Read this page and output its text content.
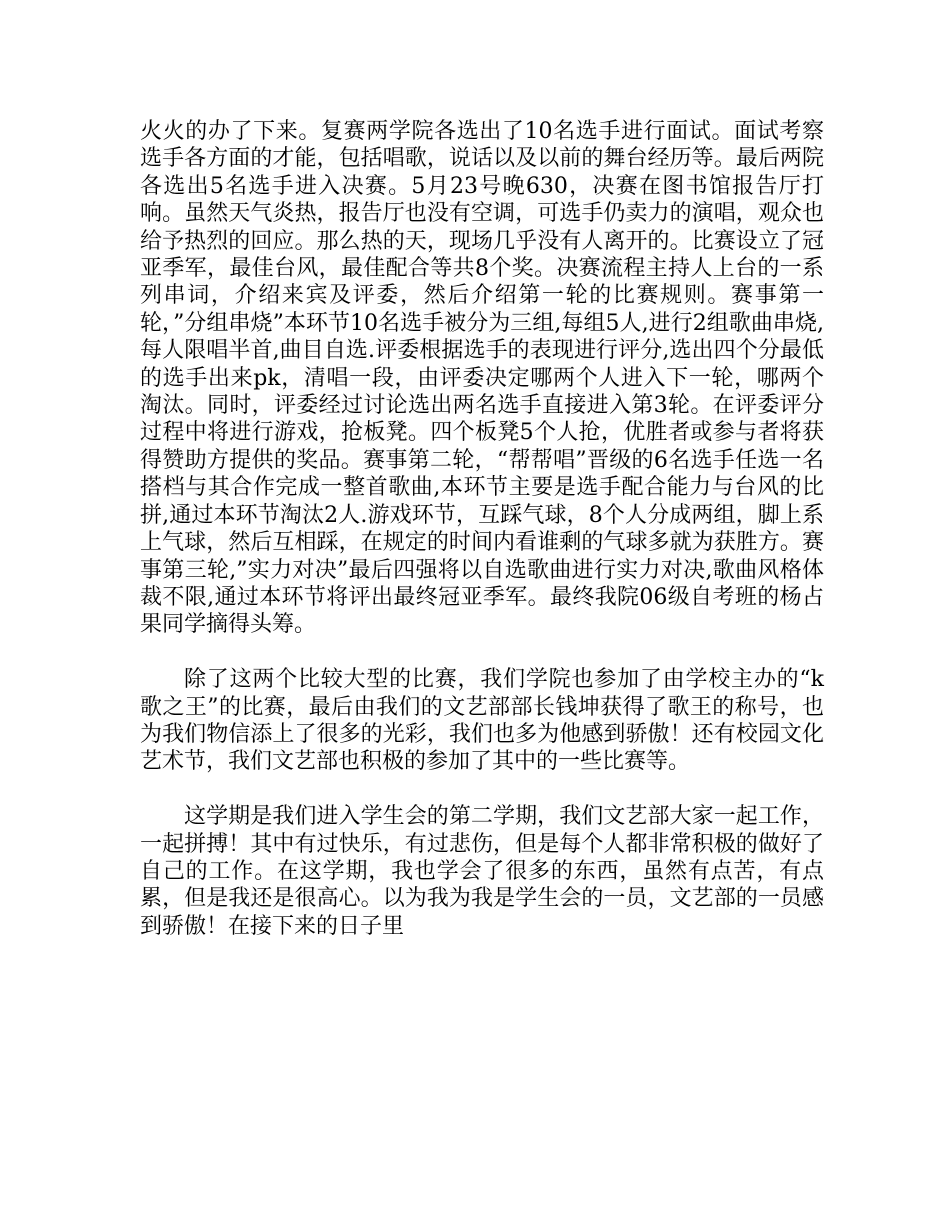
火火的办了下来。复赛两学院各选出了10名选手进行面试。面试考察选手各方面的才能，包括唱歌，说话以及以前的舞台经历等。最后两院各选出5名选手进入决赛。5月23号晚630，决赛在图书馆报告厅打响。虽然天气炎热，报告厅也没有空调，可选手仍卖力的演唱，观众也给予热烈的回应。那么热的天，现场几乎没有人离开的。比赛设立了冠亚季军，最佳台风，最佳配合等共8个奖。决赛流程主持人上台的一系列串词，介绍来宾及评委，然后介绍第一轮的比赛规则。赛事第一轮，”分组串烧”本环节10名选手被分为三组,每组5人,进行2组歌曲串烧,每人限唱半首,曲目自选.评委根据选手的表现进行评分,选出四个分最低的选手出来pk，清唱一段，由评委决定哪两个人进入下一轮，哪两个淘汰。同时，评委经过讨论选出两名选手直接进入第3轮。在评委评分过程中将进行游戏，抢板凳。四个板凳5个人抢，优胜者或参与者将获得赞助方提供的奖品。赛事第二轮，“帮帮唱”晋级的6名选手任选一名搭档与其合作完成一整首歌曲,本环节主要是选手配合能力与台风的比拼,通过本环节淘汰2人.游戏环节，互踩气球，8个人分成两组，脚上系上气球，然后互相踩，在规定的时间内看谁剩的气球多就为获胜方。赛事第三轮,”实力对决”最后四强将以自选歌曲进行实力对决,歌曲风格体裁不限,通过本环节将评出最终冠亚季军。最终我院06级自考班的杨占果同学摘得头筹。

除了这两个比较大型的比赛，我们学院也参加了由学校主办的“k歌之王”的比赛，最后由我们的文艺部部长钱坤获得了歌王的称号，也为我们物信添上了很多的光彩，我们也多为他感到骄傲！还有校园文化艺术节，我们文艺部也积极的参加了其中的一些比赛等。

这学期是我们进入学生会的第二学期，我们文艺部大家一起工作，一起拼搏！其中有过快乐，有过悲伤，但是每个人都非常积极的做好了自己的工作。在这学期，我也学会了很多的东西，虽然有点苦，有点累，但是我还是很高心。以为我为我是学生会的一员，文艺部的一员感到骄傲！在接下来的日子里
